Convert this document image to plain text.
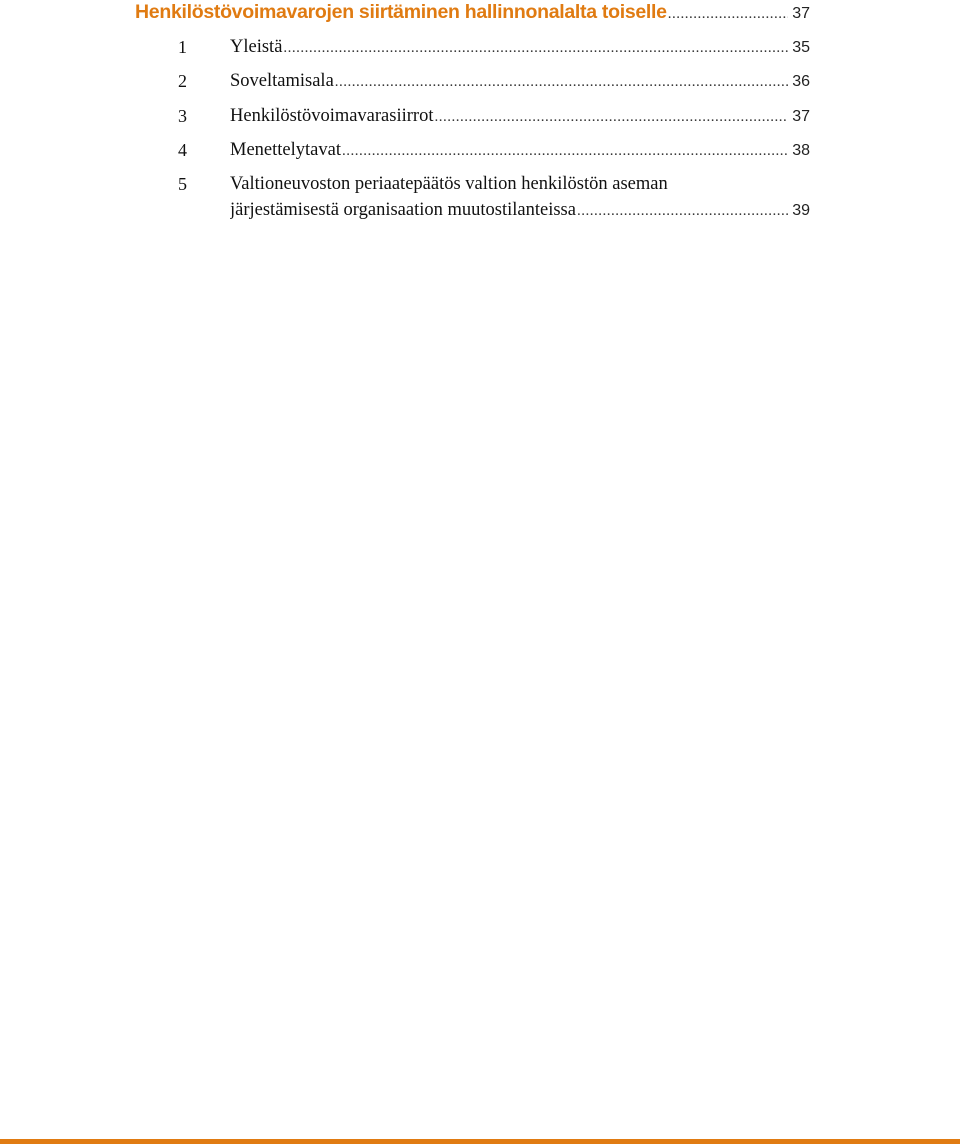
Henkilöstövoimavarojen siirtäminen hallinnonalalta toiselle .....	37
1	Yleistä .....	35
2	Soveltamisala .....	36
3	Henkilöstövoimavarasiirrot .....	37
4	Menettelytavat .....	38
5	Valtioneuvoston periaatepäätös valtion henkilöstön aseman
järjestämisestä organisaation muutostilanteissa .....	39
